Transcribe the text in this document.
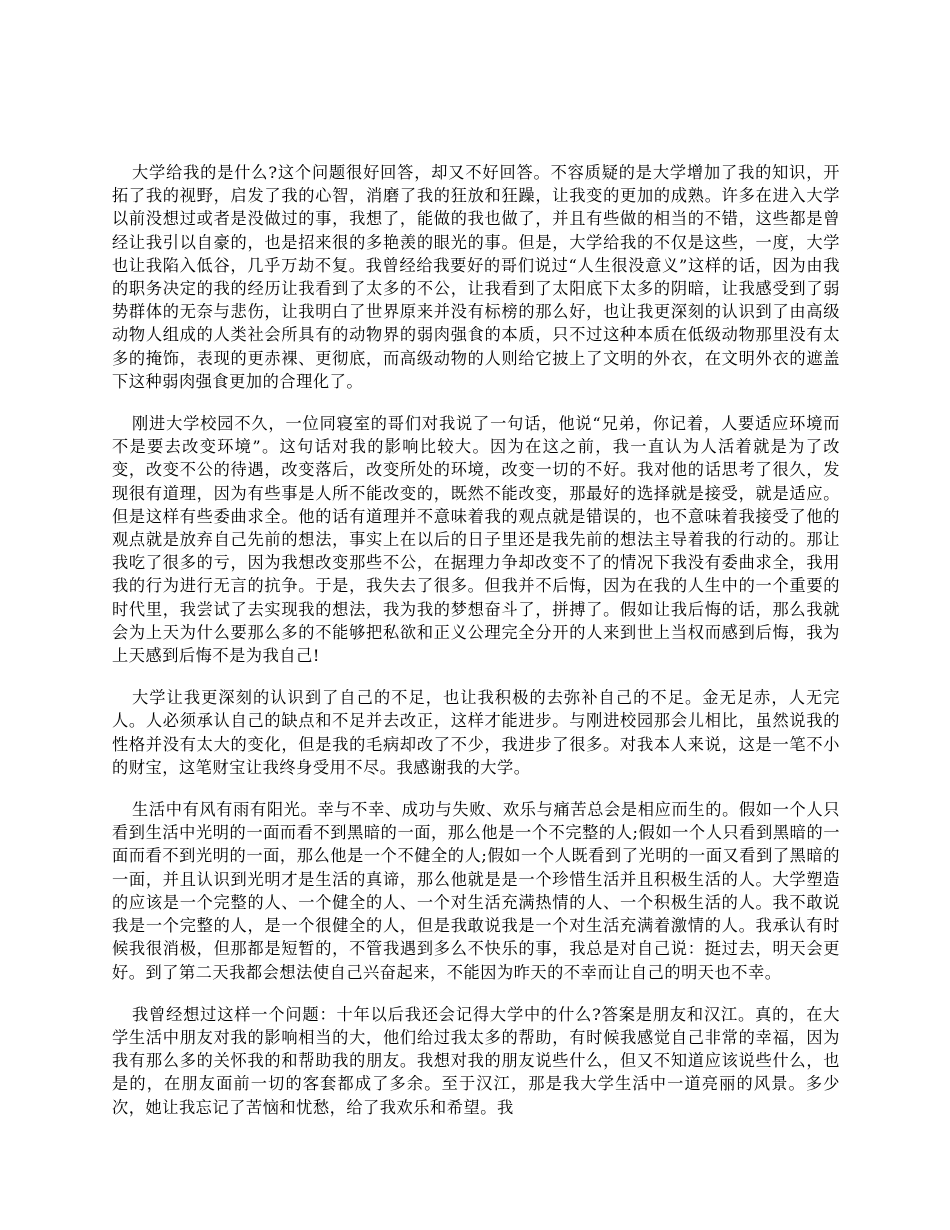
大学给我的是什么?这个问题很好回答，却又不好回答。不容质疑的是大学增加了我的知识，开拓了我的视野，启发了我的心智，消磨了我的狂放和狂躁，让我变的更加的成熟。许多在进入大学以前没想过或者是没做过的事，我想了，能做的我也做了，并且有些做的相当的不错，这些都是曾经让我引以自豪的，也是招来很的多艳羡的眼光的事。但是，大学给我的不仅是这些，一度，大学也让我陷入低谷，几乎万劫不复。我曾经给我要好的哥们说过“人生很没意义”这样的话，因为由我的职务决定的我的经历让我看到了太多的不公，让我看到了太阳底下太多的阴暗，让我感受到了弱势群体的无奈与悲伤，让我明白了世界原来并没有标榜的那么好，也让我更深刻的认识到了由高级动物人组成的人类社会所具有的动物界的弱肉强食的本质，只不过这种本质在低级动物那里没有太多的掩饰，表现的更赤裸、更彻底，而高级动物的人则给它披上了文明的外衣，在文明外衣的遮盖下这种弱肉强食更加的合理化了。

刚进大学校园不久，一位同寝室的哥们对我说了一句话，他说“兄弟，你记着，人要适应环境而不是要去改变环境”。这句话对我的影响比较大。因为在这之前，我一直认为人活着就是为了改变，改变不公的待遇，改变落后，改变所处的环境，改变一切的不好。我对他的话思考了很久，发现很有道理，因为有些事是人所不能改变的，既然不能改变，那最好的选择就是接受，就是适应。但是这样有些委曲求全。他的话有道理并不意味着我的观点就是错误的，也不意味着我接受了他的观点就是放弃自己先前的想法，事实上在以后的日子里还是我先前的想法主导着我的行动的。那让我吃了很多的亏，因为我想改变那些不公，在据理力争却改变不了的情况下我没有委曲求全，我用我的行为进行无言的抗争。于是，我失去了很多。但我并不后悔，因为在我的人生中的一个重要的时代里，我尝试了去实现我的想法，我为我的梦想奋斗了，拼搏了。假如让我后悔的话，那么我就会为上天为什么要那么多的不能够把私欲和正义公理完全分开的人来到世上当权而感到后悔，我为上天感到后悔不是为我自己!

大学让我更深刻的认识到了自己的不足，也让我积极的去弥补自己的不足。金无足赤，人无完人。人必须承认自己的缺点和不足并去改正，这样才能进步。与刚进校园那会儿相比，虽然说我的性格并没有太大的变化，但是我的毛病却改了不少，我进步了很多。对我本人来说，这是一笔不小的财宝，这笔财宝让我终身受用不尽。我感谢我的大学。

生活中有风有雨有阳光。幸与不幸、成功与失败、欢乐与痛苦总会是相应而生的。假如一个人只看到生活中光明的一面而看不到黑暗的一面，那么他是一个不完整的人;假如一个人只看到黑暗的一面而看不到光明的一面，那么他是一个不健全的人;假如一个人既看到了光明的一面又看到了黑暗的一面，并且认识到光明才是生活的真谛，那么他就是是一个珍惜生活并且积极生活的人。大学塑造的应该是一个完整的人、一个健全的人、一个对生活充满热情的人、一个积极生活的人。我不敢说我是一个完整的人，是一个很健全的人，但是我敢说我是一个对生活充满着激情的人。我承认有时候我很消极，但那都是短暂的，不管我遇到多么不快乐的事，我总是对自己说：挺过去，明天会更好。到了第二天我都会想法使自己兴奋起来，不能因为昨天的不幸而让自己的明天也不幸。

我曾经想过这样一个问题：十年以后我还会记得大学中的什么?答案是朋友和汉江。真的，在大学生活中朋友对我的影响相当的大，他们给过我太多的帮助，有时候我感觉自己非常的幸福，因为我有那么多的关怀我的和帮助我的朋友。我想对我的朋友说些什么，但又不知道应该说些什么，也是的，在朋友面前一切的客套都成了多余。至于汉江，那是我大学生活中一道亮丽的风景。多少次，她让我忘记了苦恼和忧愁，给了我欢乐和希望。我
